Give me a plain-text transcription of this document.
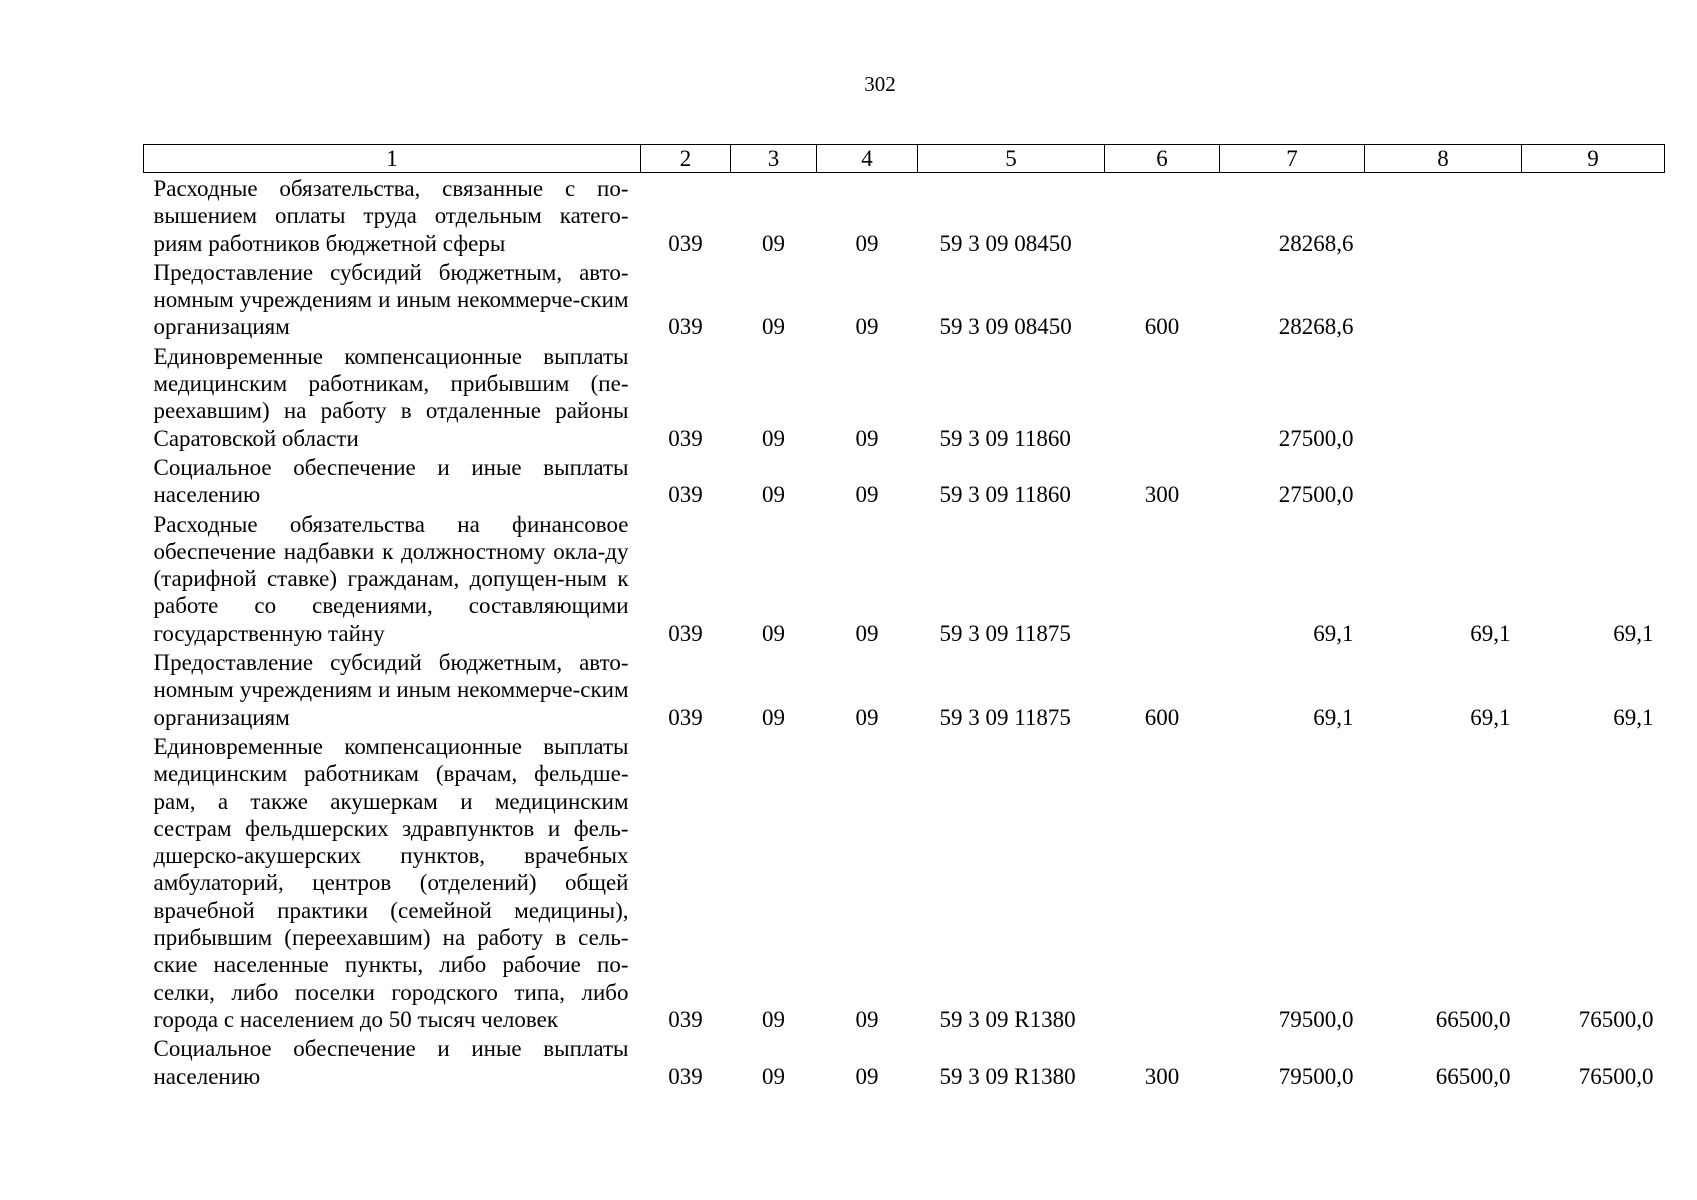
302
1	2	3	4	5	6	7	8	9
Расходные обязательства, связанные с по-вышением оплаты труда отдельным катего-риям работников бюджетной сферы	039	09	09	59 3 09 08450		28268,6		
Предоставление субсидий бюджетным, авто-номным учреждениям и иным некоммерче-ским организациям	039	09	09	59 3 09 08450	600	28268,6		
Единовременные компенсационные выплаты медицинским работникам, прибывшим (пе-реехавшим) на работу в отдаленные районы Саратовской области	039	09	09	59 3 09 11860		27500,0		
Социальное обеспечение и иные выплаты населению	039	09	09	59 3 09 11860	300	27500,0		
Расходные обязательства на финансовое обеспечение надбавки к должностному окла-ду (тарифной ставке) гражданам, допущен-ным к работе со сведениями, составляющими государственную тайну	039	09	09	59 3 09 11875		69,1	69,1	69,1
Предоставление субсидий бюджетным, авто-номным учреждениям и иным некоммерче-ским организациям	039	09	09	59 3 09 11875	600	69,1	69,1	69,1
Единовременные компенсационные выплаты медицинским работникам (врачам, фельдше-рам, а также акушеркам и медицинским сестрам фельдшерских здравпунктов и фель-дшерско-акушерских пунктов, врачебных амбулаторий, центров (отделений) общей врачебной практики (семейной медицины), прибывшим (переехавшим) на работу в сель-ские населенные пункты, либо рабочие по-селки, либо поселки городского типа, либо города с населением до 50 тысяч человек	039	09	09	59 3 09 R1380		79500,0	66500,0	76500,0
Социальное обеспечение и иные выплаты населению	039	09	09	59 3 09 R1380	300	79500,0	66500,0	76500,0
